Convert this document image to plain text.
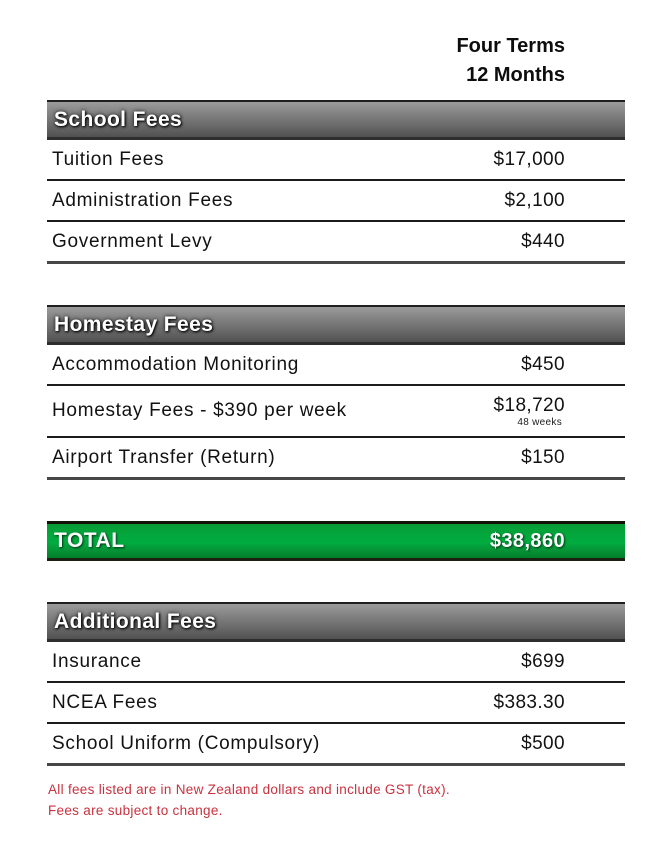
Four Terms
12 Months
School Fees
Tuition Fees	$17,000
Administration Fees	$2,100
Government Levy	$440
Homestay Fees
Accommodation Monitoring	$450
Homestay Fees - $390 per week	$18,720
48 weeks
Airport Transfer (Return)	$150
TOTAL	$38,860
Additional Fees
Insurance	$699
NCEA Fees	$383.30
School Uniform (Compulsory)	$500
All fees listed are in New Zealand dollars and include GST (tax).
Fees are subject to change.
